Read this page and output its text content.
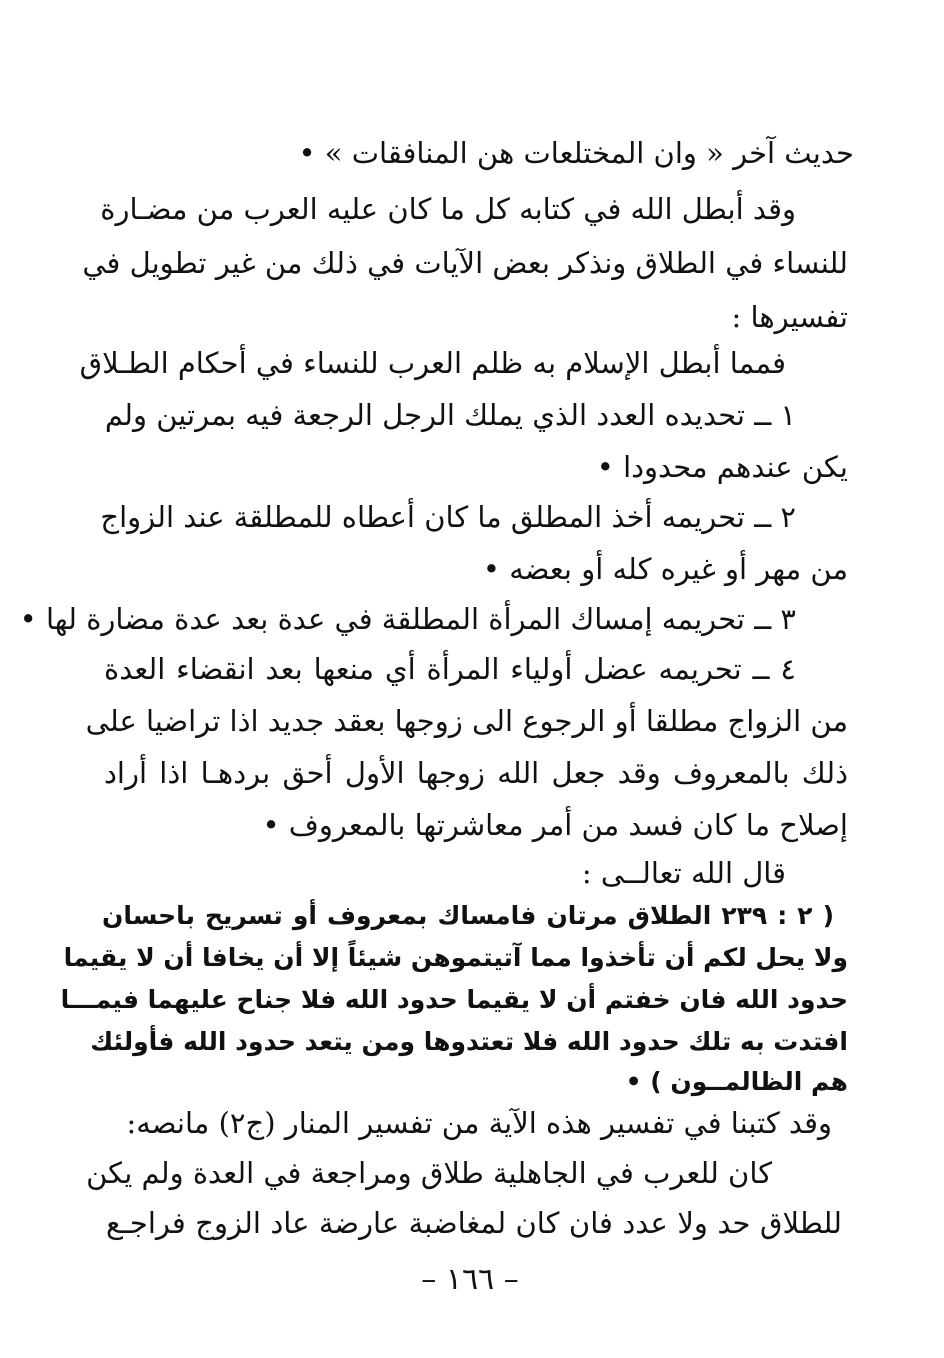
حديث آخر « وان المختلعات هن المنافقات » •
وقد أبطل الله في كتابه كل ما كان عليه العرب من مضـارة
للنساء في الطلاق ونذكر بعض الآيات في ذلك من غير تطويل في
تفسيرها :
فمما أبطل الإسلام به ظلم العرب للنساء في أحكام الطـلاق
١ ــ تحديده العدد الذي يملك الرجل الرجعة فيه بمرتين ولم
يكن عندهم محدودا •
٢ ــ تحريمه أخذ المطلق ما كان أعطاه للمطلقة عند الزواج
من مهر أو غيره كله أو بعضه •
٣ ــ تحريمه إمساك المرأة المطلقة في عدة بعد عدة مضارة لها •
٤ ــ تحريمه عضل أولياء المرأة أي منعها بعد انقضاء العدة
من الزواج مطلقا أو الرجوع الى زوجها بعقد جديد اذا تراضيا على
ذلك بالمعروف وقد جعل الله زوجها الأول أحق بردهـا اذا أراد
إصلاح ما كان فسد من أمر معاشرتها بالمعروف •
قال الله تعالــى :
( ٢ : ٢٣٩ الطلاق مرتان فامساك بمعروف أو تسريح باحسان
ولا يحل لكم أن تأخذوا مما آتيتموهن شيئاً إلا أن يخافا أن لا يقيما
حدود الله فان خفتم أن لا يقيما حدود الله فلا جناح عليهما فيمـــا
افتدت به تلك حدود الله فلا تعتدوها ومن يتعد حدود الله فأولئك
هم الظالمــون ) •
وقد كتبنا في تفسير هذه الآية من تفسير المنار (ج٢) مانصه:
كان للعرب في الجاهلية طلاق ومراجعة في العدة ولم يكن
للطلاق حد ولا عدد فان كان لمغاضبة عارضة عاد الزوج فراجـع
– ١٦٦ –
